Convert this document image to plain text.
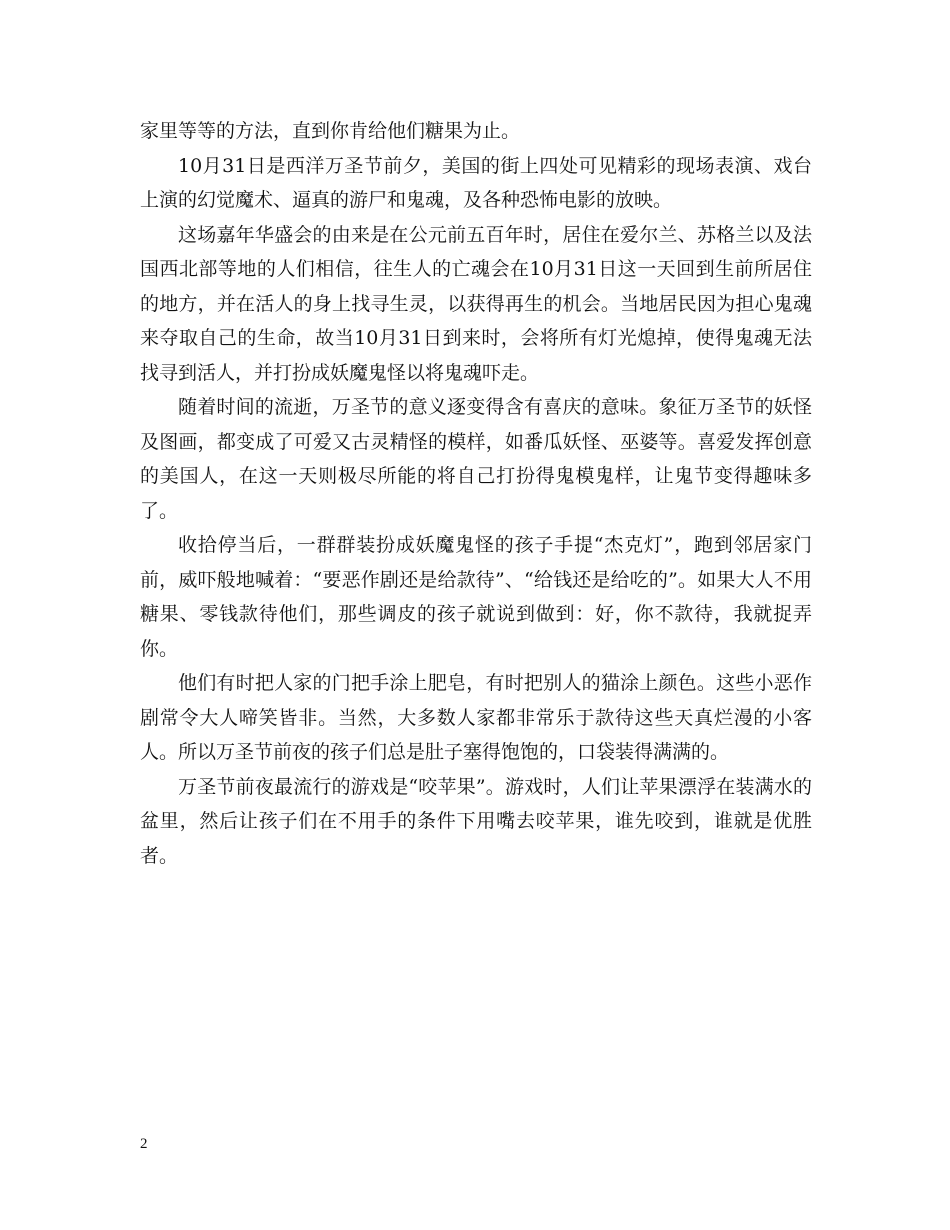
家里等等的方法，直到你肯给他们糖果为止。

10月31日是西洋万圣节前夕，美国的街上四处可见精彩的现场表演、戏台上演的幻觉魔术、逼真的游尸和鬼魂，及各种恐怖电影的放映。

这场嘉年华盛会的由来是在公元前五百年时，居住在爱尔兰、苏格兰以及法国西北部等地的人们相信，往生人的亡魂会在10月31日这一天回到生前所居住的地方，并在活人的身上找寻生灵，以获得再生的机会。当地居民因为担心鬼魂来夺取自己的生命，故当10月31日到来时，会将所有灯光熄掉，使得鬼魂无法找寻到活人，并打扮成妖魔鬼怪以将鬼魂吓走。

随着时间的流逝，万圣节的意义逐变得含有喜庆的意味。象征万圣节的妖怪及图画，都变成了可爱又古灵精怪的模样，如番瓜妖怪、巫婆等。喜爱发挥创意的美国人，在这一天则极尽所能的将自己打扮得鬼模鬼样，让鬼节变得趣味多了。

收拾停当后，一群群装扮成妖魔鬼怪的孩子手提“杰克灯”，跑到邻居家门前，威吓般地喊着：“要恶作剧还是给款待”、“给钱还是给吃的”。如果大人不用糖果、零钱款待他们，那些调皮的孩子就说到做到：好，你不款待，我就捉弄你。

他们有时把人家的门把手涂上肥皂，有时把别人的猫涂上颜色。这些小恶作剧常令大人啼笑皆非。当然，大多数人家都非常乐于款待这些天真烂漫的小客人。所以万圣节前夜的孩子们总是肚子塞得饱饱的，口袋装得满满的。

万圣节前夜最流行的游戏是“咬苹果”。游戏时，人们让苹果漂浮在装满水的盆里，然后让孩子们在不用手的条件下用嘴去咬苹果，谁先咬到，谁就是优胜者。

2
